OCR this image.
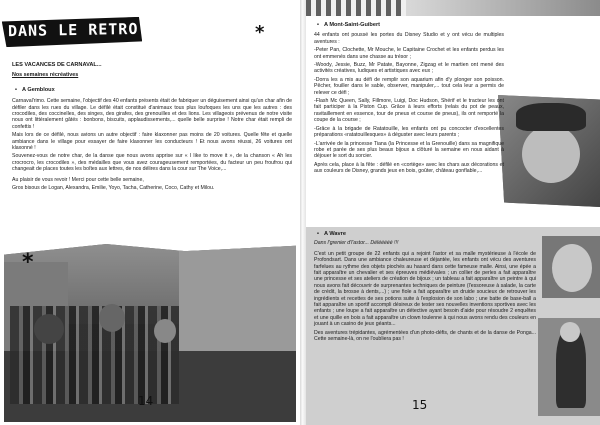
DANS LE RETRO	*
LES VACANCES DE CARNAVAL...
Nos semaines récréatives
• A Gembloux

Carnaval'rimo. Cette semaine, l'objectif des 40 enfants présents était de fabriquer un déguisement ainsi qu'un char afin de défiler dans les rues du village. Le défilé était constitué d'animaux tous plus loufoques les uns que les autres : des crocodiles, des coccinelles, des singes, des girafes, des grenouilles et des lions. Les villageois prévenus de notre visite nous ont littéralement gâtés : bonbons, biscuits, applaudissements,... quelle belle surprise ! Notre char était rempli de confettis !

Mais lors de ce défilé, nous avions un autre objectif : faire klaxonner pas moins de 20 voitures. Quelle fête et quelle ambiance dans le village pour essayer de faire klaxonner les conducteurs ! Et nous avons réussi, 26 voitures ont klaxonné !

Souvenez-vous de notre char, de la danse que nous avons apprise sur « I like to move it », de la chanson « Ah les crocrocro, les crocodiles », des médailles que vous avez courageusement remportées, du facteur un peu froufrou qui changeait de places toutes les boîtes aux lettres, de nos délires dans la cour sur The Voice,...

Au plaisir de vous revoir ! Merci pour cette belle semaine,

Gros bisous de Logan, Alexandra, Emilie, Yoyo, Tacha, Catherine, Coco, Cathy et Milou.

*
14
• A Mont-Saint-Guibert

44 enfants ont poussé les portes du Disney Studio et y ont vécu de multiples aventures :

-Peter Pan, Clochette, Mr Mouche, le Capitaine Crochet et les enfants perdus les ont emmenés dans une chasse au trésor ;

-Woody, Jessie, Buzz, Mr Patate, Bayonne, Zigzag et le martien ont mené des activités créatives, ludiques et artistiques avec eux ;

-Dorra les a mis au défi de remplir son aquarium afin d'y plonger son poisson. Pêcher, fouiller dans le sable, observer, manipuler,... tout cela leur a permis de relever ce défi ;

-Flash Mc Queen, Sally, Fillmore, Luigi, Doc Hudson, Shérif et le tracteur les ont fait participer à la Piston Cup. Grâce à leurs efforts (relais du pot de peaux, ravitaillement en essence, tour de pneus et course de pneus), ils ont remporté la coupe de la course ;

-Grâce à la brigade de Ratatouille, les enfants ont pu concocter d'excellentes préparations «ratatouillesques» à déguster avec leurs parents ;

-L'arrivée de la princesse Tiana (la Princesse et la Grenouille) dans sa magnifique robe et parée de ses plus beaux bijoux a clôturé la semaine en nous aidant à déjouer le sort du sorcier.

Après cela, place à la fête : défilé en «cortège» avec les chars aux décorations et aux couleurs de Disney, grands jeux en bois, goûter, château gonflable,...

• A Wavre
Dans l'grenier d'l'astor... Délééééé !!!

C'est un petit groupe de 22 enfants qui a rejoint l'astor et sa malle mystérieuse à l'école de Profondsart. Dans une ambiance chaleureuse et déjantée, les enfants ont vécu des aventures farfelues au rythme des objets piochés au hasard dans cette fameuse malle. Ainsi, une épée a fait apparaître un chevalier et ses épreuves médiévales ; un collier de perles a fait apparaître une princesse et ses ateliers de création de bijoux ; un tableau a fait apparaître un peintre à qui nous avons fait découvrir de surprenantes techniques de peinture (l'essoreuse à salade, la carte de crédit, la brosse à dents,...) ; une fiole a fait apparaître un druide soucieux de retrouver les ingrédients et recettes de ses potions suite à l'explosion de son labo ; une batte de base-ball a fait apparaître un sportif accompli désireux de tester ses nouvelles inventions sportives avec les enfants ; une loupe a fait apparaître un détective ayant besoin d'aide pour résoudre 2 enquêtes et une quille en bois a fait apparaître un clown toulenne à qui nous avons rendu des couleurs en jouant à un casino de jeux géants...

Des aventures trépidantes, agrémentées d'un photo-défis, de chants et de la danse de Ponga... Cette semaine-là, on ne l'oubliera pas !

15
